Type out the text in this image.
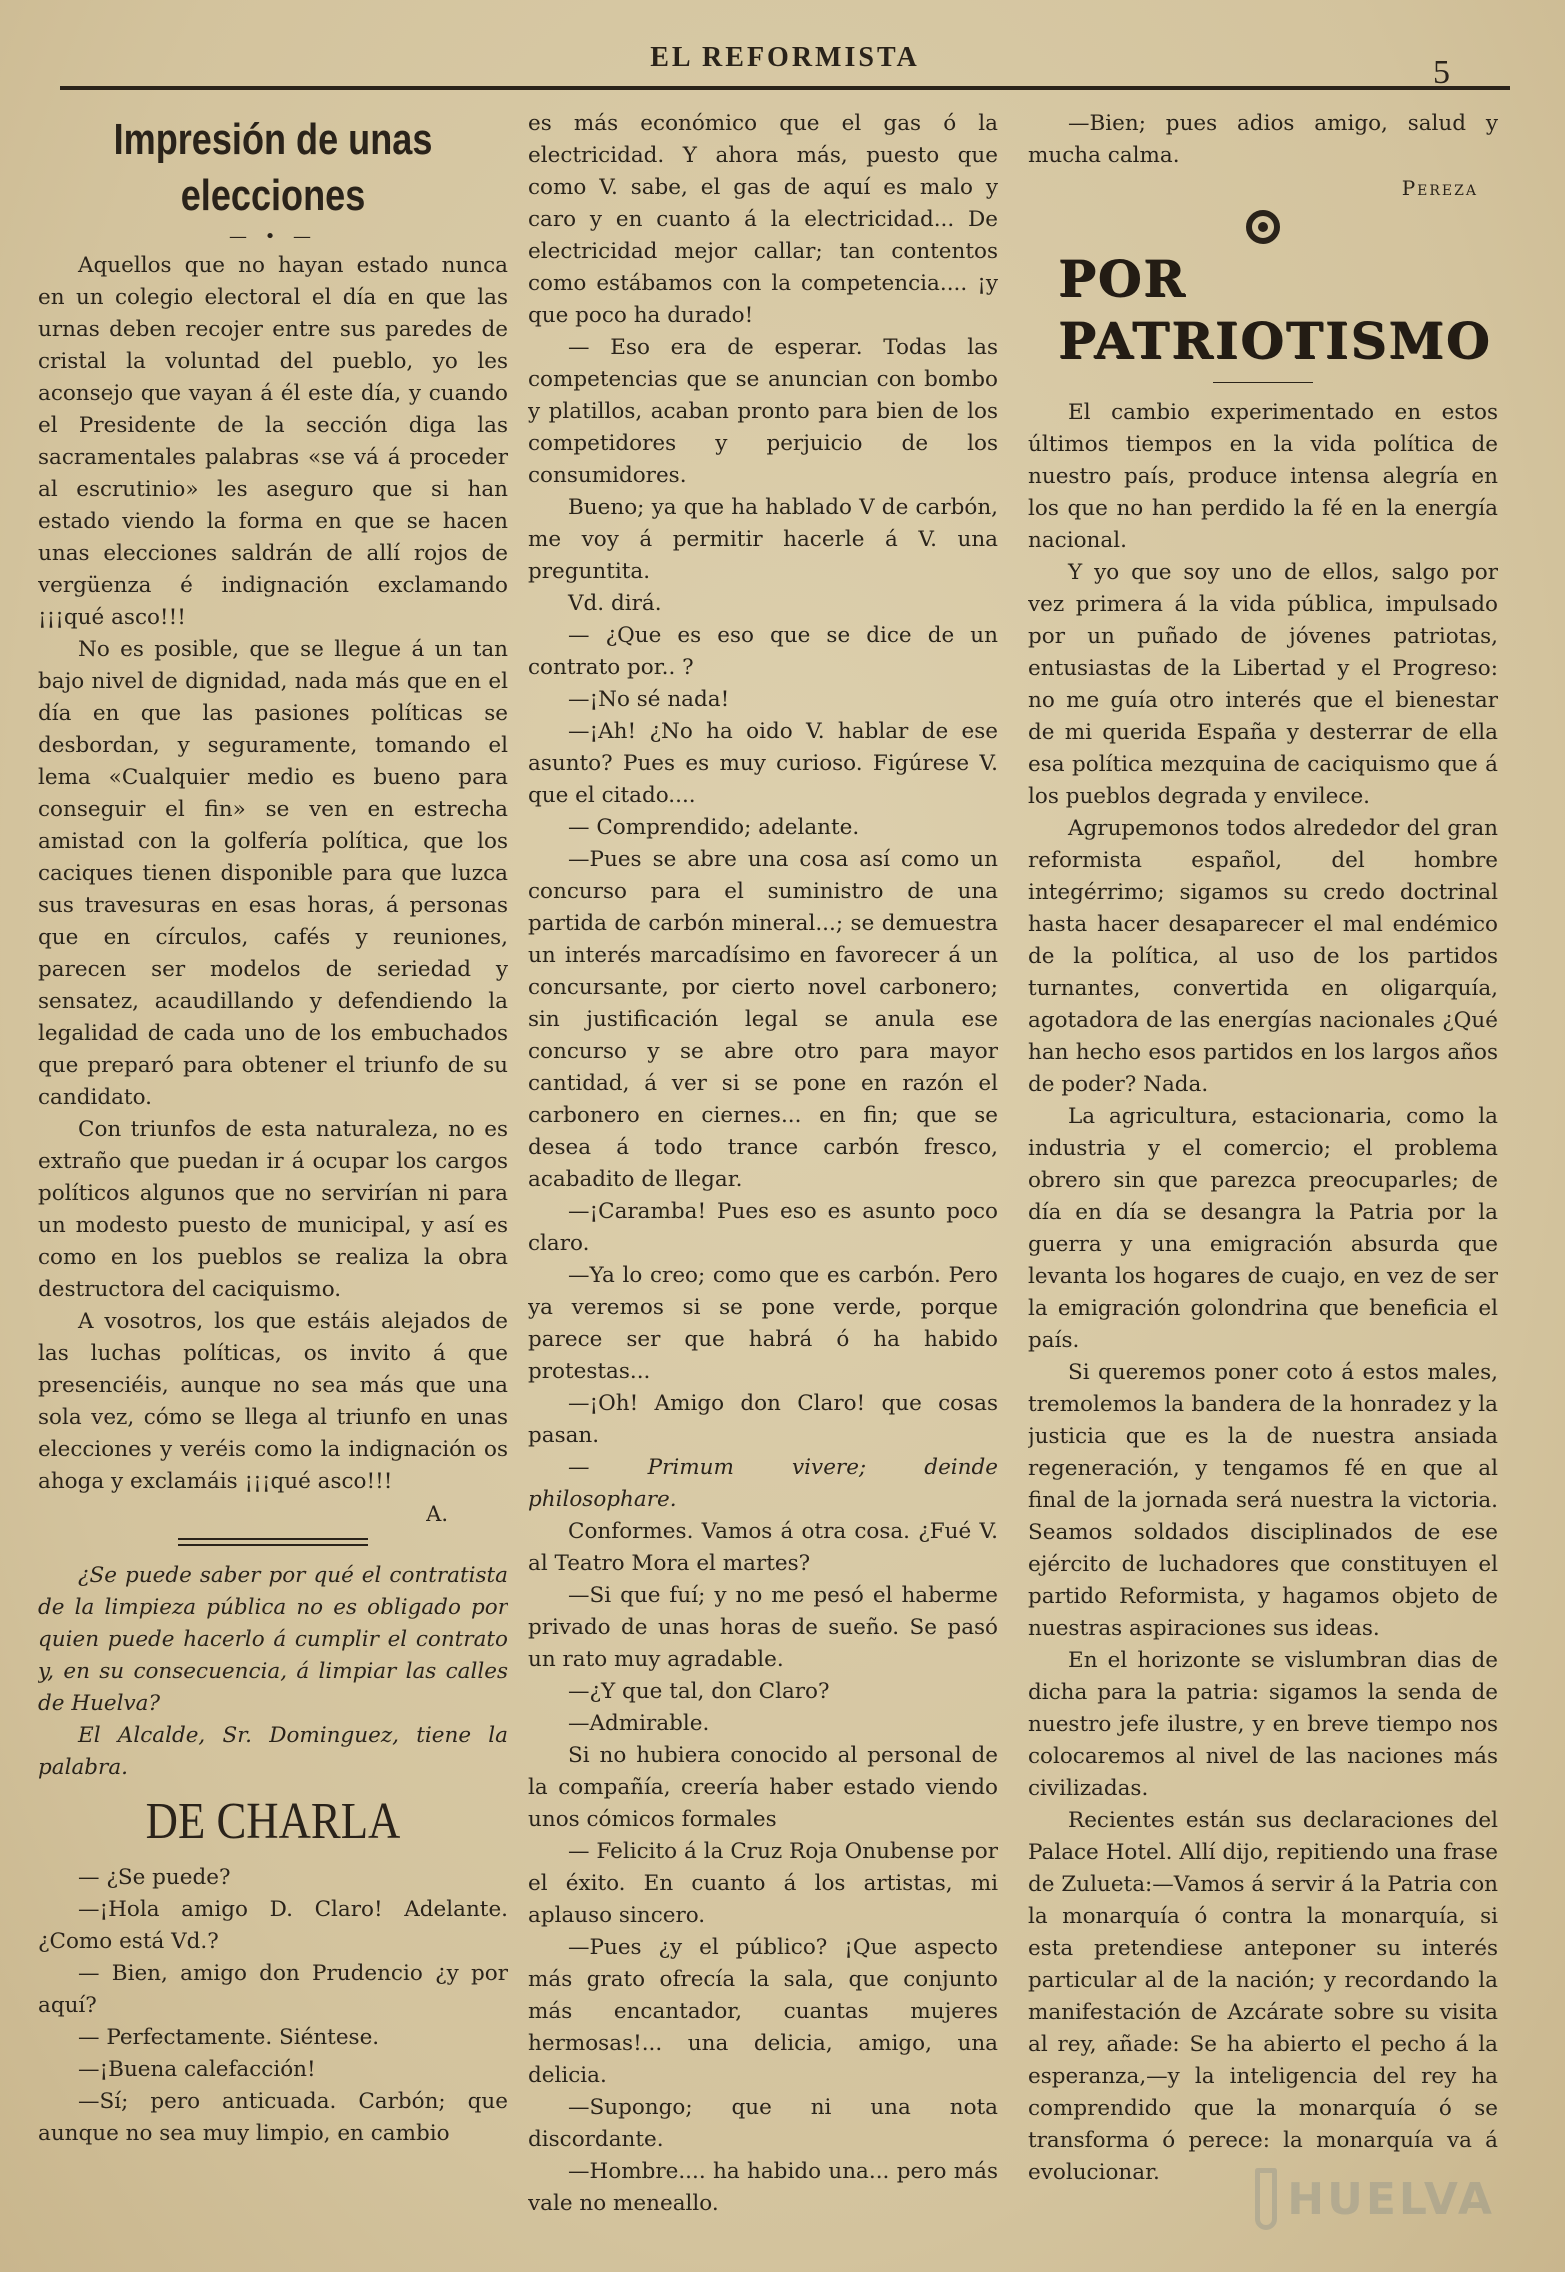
EL REFORMISTA	5
Impresión de unas elecciones
— • —

Aquellos que no hayan estado nunca en un colegio electoral el día en que las urnas deben recojer entre sus paredes de cristal la voluntad del pueblo, yo les aconsejo que vayan á él este día, y cuando el Presidente de la sección diga las sacramentales palabras «se vá á proceder al escrutinio» les aseguro que si han estado viendo la forma en que se hacen unas elecciones saldrán de allí rojos de vergüenza é indignación exclamando ¡¡¡qué asco!!!

No es posible, que se llegue á un tan bajo nivel de dignidad, nada más que en el día en que las pasiones políticas se desbordan, y seguramente, tomando el lema «Cualquier medio es bueno para conseguir el fin» se ven en estrecha amistad con la golfería política, que los caciques tienen disponible para que luzca sus travesuras en esas horas, á personas que en círculos, cafés y reuniones, parecen ser modelos de seriedad y sensatez, acaudillando y defendiendo la legalidad de cada uno de los embuchados que preparó para obtener el triunfo de su candidato.

Con triunfos de esta naturaleza, no es extraño que puedan ir á ocupar los cargos políticos algunos que no servirían ni para un modesto puesto de municipal, y así es como en los pueblos se realiza la obra destructora del caciquismo.

A vosotros, los que estáis alejados de las luchas políticas, os invito á que presenciéis, aunque no sea más que una sola vez, cómo se llega al triunfo en unas elecciones y veréis como la indignación os ahoga y exclamáis ¡¡¡qué asco!!!

A.

¿Se puede saber por qué el contratista de la limpieza pública no es obligado por quien puede hacerlo á cumplir el contrato y, en su consecuencia, á limpiar las calles de Huelva?

El Alcalde, Sr. Dominguez, tiene la palabra.

DE CHARLA

— ¿Se puede?

—¡Hola amigo D. Claro! Adelante. ¿Como está Vd.?

— Bien, amigo don Prudencio ¿y por aquí?

— Perfectamente. Siéntese.

—¡Buena calefacción!

—Sí; pero anticuada. Carbón; que aunque no sea muy limpio, en cambio

es más económico que el gas ó la electricidad. Y ahora más, puesto que como V. sabe, el gas de aquí es malo y caro y en cuanto á la electricidad... De electricidad mejor callar; tan contentos como estábamos con la competencia.... ¡y que poco ha durado!

— Eso era de esperar. Todas las competencias que se anuncian con bombo y platillos, acaban pronto para bien de los competidores y perjuicio de los consumidores.

Bueno; ya que ha hablado V de carbón, me voy á permitir hacerle á V. una preguntita.

Vd. dirá.

— ¿Que es eso que se dice de un contrato por.. ?

—¡No sé nada!

—¡Ah! ¿No ha oido V. hablar de ese asunto? Pues es muy curioso. Figúrese V. que el citado....

— Comprendido; adelante.

—Pues se abre una cosa así como un concurso para el suministro de una partida de carbón mineral...; se demuestra un interés marcadísimo en favorecer á un concursante, por cierto novel carbonero; sin justificación legal se anula ese concurso y se abre otro para mayor cantidad, á ver si se pone en razón el carbonero en ciernes... en fin; que se desea á todo trance carbón fresco, acabadito de llegar.

—¡Caramba! Pues eso es asunto poco claro.

—Ya lo creo; como que es carbón. Pero ya veremos si se pone verde, porque parece ser que habrá ó ha habido protestas...

—¡Oh! Amigo don Claro! que cosas pasan.

— Primum vivere; deinde philosophare.

Conformes. Vamos á otra cosa. ¿Fué V. al Teatro Mora el martes?

—Si que fuí; y no me pesó el haberme privado de unas horas de sueño. Se pasó un rato muy agradable.

—¿Y que tal, don Claro?

—Admirable.

Si no hubiera conocido al personal de la compañía, creería haber estado viendo unos cómicos formales

— Felicito á la Cruz Roja Onubense por el éxito. En cuanto á los artistas, mi aplauso sincero.

—Pues ¿y el público? ¡Que aspecto más grato ofrecía la sala, que conjunto más encantador, cuantas mujeres hermosas!... una delicia, amigo, una delicia.

—Supongo; que ni una nota discordante.

—Hombre.... ha habido una... pero más vale no meneallo.

—Bien; pues adios amigo, salud y mucha calma.

Pereza
POR PATRIOTISMO

El cambio experimentado en estos últimos tiempos en la vida política de nuestro país, produce intensa alegría en los que no han perdido la fé en la energía nacional.

Y yo que soy uno de ellos, salgo por vez primera á la vida pública, impulsado por un puñado de jóvenes patriotas, entusiastas de la Libertad y el Progreso: no me guía otro interés que el bienestar de mi querida España y desterrar de ella esa política mezquina de caciquismo que á los pueblos degrada y envilece.

Agrupemonos todos alrededor del gran reformista español, del hombre integérrimo; sigamos su credo doctrinal hasta hacer desaparecer el mal endémico de la política, al uso de los partidos turnantes, convertida en oligarquía, agotadora de las energías nacionales ¿Qué han hecho esos partidos en los largos años de poder? Nada.

La agricultura, estacionaria, como la industria y el comercio; el problema obrero sin que parezca preocuparles; de día en día se desangra la Patria por la guerra y una emigración absurda que levanta los hogares de cuajo, en vez de ser la emigración golondrina que beneficia el país.

Si queremos poner coto á estos males, tremolemos la bandera de la honradez y la justicia que es la de nuestra ansiada regeneración, y tengamos fé en que al final de la jornada será nuestra la victoria. Seamos soldados disciplinados de ese ejército de luchadores que constituyen el partido Reformista, y hagamos objeto de nuestras aspiraciones sus ideas.

En el horizonte se vislumbran dias de dicha para la patria: sigamos la senda de nuestro jefe ilustre, y en breve tiempo nos colocaremos al nivel de las naciones más civilizadas.

Recientes están sus declaraciones del Palace Hotel. Allí dijo, repitiendo una frase de Zulueta:—Vamos á servir á la Patria con la monarquía ó contra la monarquía, si esta pretendiese anteponer su interés particular al de la nación; y recordando la manifestación de Azcárate sobre su visita al rey, añade: Se ha abierto el pecho á la esperanza,—y la inteligencia del rey ha comprendido que la monarquía ó se transforma ó perece: la monarquía va á evolucionar.

HUELVA
